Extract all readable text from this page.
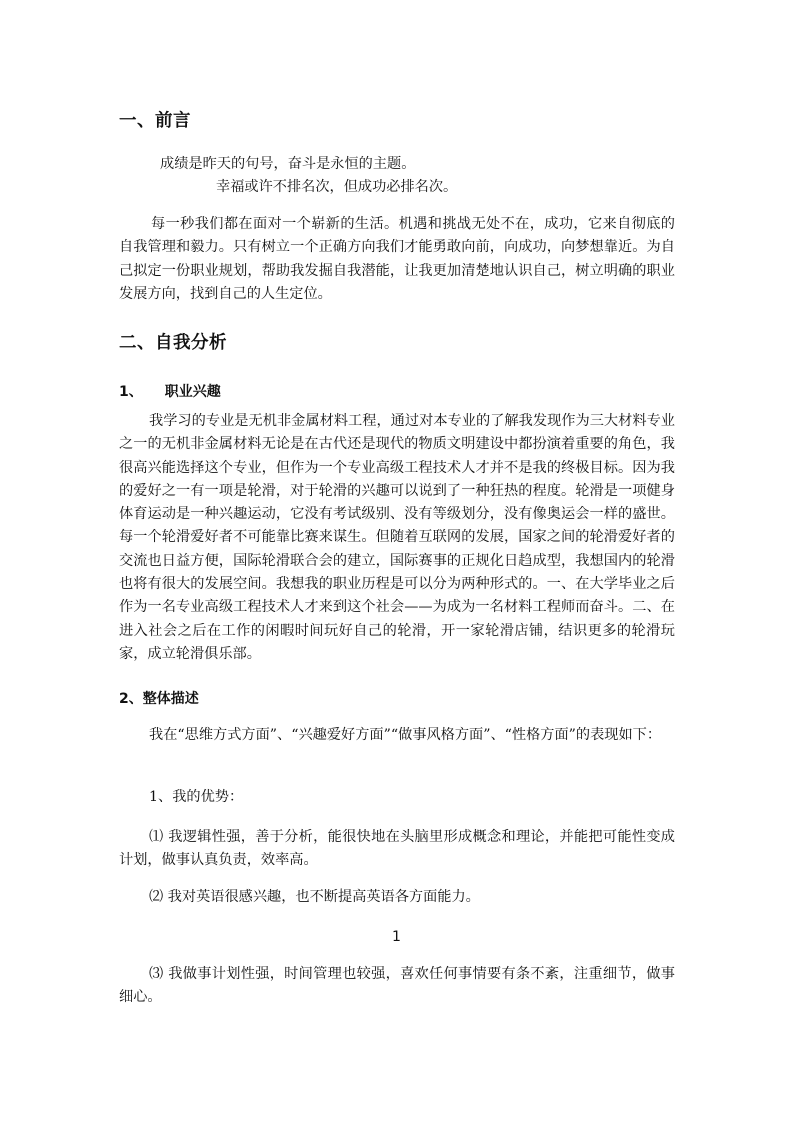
一、前言
成绩是昨天的句号，奋斗是永恒的主题。
幸福或许不排名次，但成功必排名次。

每一秒我们都在面对一个崭新的生活。机遇和挑战无处不在，成功，它来自彻底的自我管理和毅力。只有树立一个正确方向我们才能勇敢向前，向成功，向梦想靠近。为自己拟定一份职业规划，帮助我发掘自我潜能，让我更加清楚地认识自己，树立明确的职业发展方向，找到自己的人生定位。

二、自我分析
1、 职业兴趣

我学习的专业是无机非金属材料工程，通过对本专业的了解我发现作为三大材料专业之一的无机非金属材料无论是在古代还是现代的物质文明建设中都扮演着重要的角色，我很高兴能选择这个专业，但作为一个专业高级工程技术人才并不是我的终极目标。因为我的爱好之一有一项是轮滑，对于轮滑的兴趣可以说到了一种狂热的程度。轮滑是一项健身体育运动是一种兴趣运动，它没有考试级别、没有等级划分，没有像奥运会一样的盛世。每一个轮滑爱好者不可能靠比赛来谋生。但随着互联网的发展，国家之间的轮滑爱好者的交流也日益方便，国际轮滑联合会的建立，国际赛事的正规化日趋成型，我想国内的轮滑也将有很大的发展空间。我想我的职业历程是可以分为两种形式的。一、在大学毕业之后作为一名专业高级工程技术人才来到这个社会——为成为一名材料工程师而奋斗。二、在进入社会之后在工作的闲暇时间玩好自己的轮滑，开一家轮滑店铺，结识更多的轮滑玩家，成立轮滑俱乐部。

2、整体描述

我在“思维方式方面”、“兴趣爱好方面”“做事风格方面”、“性格方面”的表现如下：

1、我的优势：

⑴ 我逻辑性强，善于分析，能很快地在头脑里形成概念和理论，并能把可能性变成计划，做事认真负责，效率高。

⑵ 我对英语很感兴趣，也不断提高英语各方面能力。

1

⑶ 我做事计划性强，时间管理也较强，喜欢任何事情要有条不紊，注重细节，做事细心。
